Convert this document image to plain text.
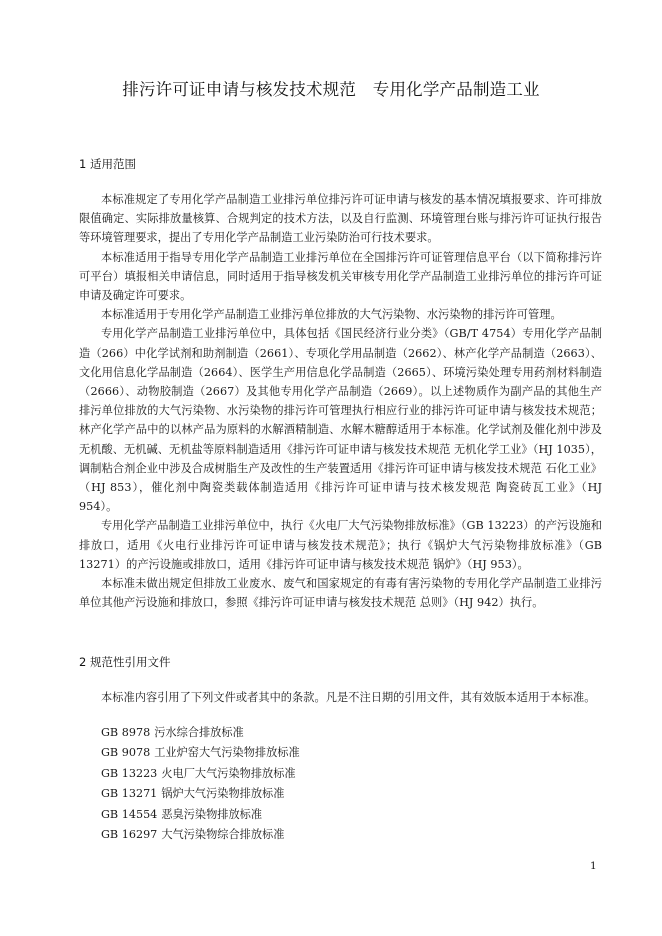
排污许可证申请与核发技术规范　专用化学产品制造工业
1 适用范围

本标准规定了专用化学产品制造工业排污单位排污许可证申请与核发的基本情况填报要求、许可排放限值确定、实际排放量核算、合规判定的技术方法，以及自行监测、环境管理台账与排污许可证执行报告等环境管理要求，提出了专用化学产品制造工业污染防治可行技术要求。

本标准适用于指导专用化学产品制造工业排污单位在全国排污许可证管理信息平台（以下简称排污许可平台）填报相关申请信息，同时适用于指导核发机关审核专用化学产品制造工业排污单位的排污许可证申请及确定许可要求。

本标准适用于专用化学产品制造工业排污单位排放的大气污染物、水污染物的排污许可管理。

专用化学产品制造工业排污单位中，具体包括《国民经济行业分类》（GB/T 4754）专用化学产品制造（266）中化学试剂和助剂制造（2661）、专项化学用品制造（2662）、林产化学产品制造（2663）、文化用信息化学品制造（2664）、医学生产用信息化学品制造（2665）、环境污染处理专用药剂材料制造（2666）、动物胶制造（2667）及其他专用化学产品制造（2669）。以上述物质作为副产品的其他生产排污单位排放的大气污染物、水污染物的排污许可管理执行相应行业的排污许可证申请与核发技术规范；林产化学产品中的以林产品为原料的水解酒精制造、水解木糖醇适用于本标准。化学试剂及催化剂中涉及无机酸、无机碱、无机盐等原料制造适用《排污许可证申请与核发技术规范 无机化学工业》（HJ 1035），调制粘合剂企业中涉及合成树脂生产及改性的生产装置适用《排污许可证申请与核发技术规范 石化工业》（HJ 853），催化剂中陶瓷类载体制造适用《排污许可证申请与技术核发规范 陶瓷砖瓦工业》（HJ 954）。

专用化学产品制造工业排污单位中，执行《火电厂大气污染物排放标准》（GB 13223）的产污设施和排放口，适用《火电行业排污许可证申请与核发技术规范》；执行《锅炉大气污染物排放标准》（GB 13271）的产污设施或排放口，适用《排污许可证申请与核发技术规范 锅炉》（HJ 953）。

本标准未做出规定但排放工业废水、废气和国家规定的有毒有害污染物的专用化学产品制造工业排污单位其他产污设施和排放口，参照《排污许可证申请与核发技术规范 总则》（HJ 942）执行。

2 规范性引用文件

本标准内容引用了下列文件或者其中的条款。凡是不注日期的引用文件，其有效版本适用于本标准。

GB 8978 污水综合排放标准
GB 9078 工业炉窑大气污染物排放标准
GB 13223 火电厂大气污染物排放标准
GB 13271 锅炉大气污染物排放标准
GB 14554 恶臭污染物排放标准
GB 16297 大气污染物综合排放标准
1
